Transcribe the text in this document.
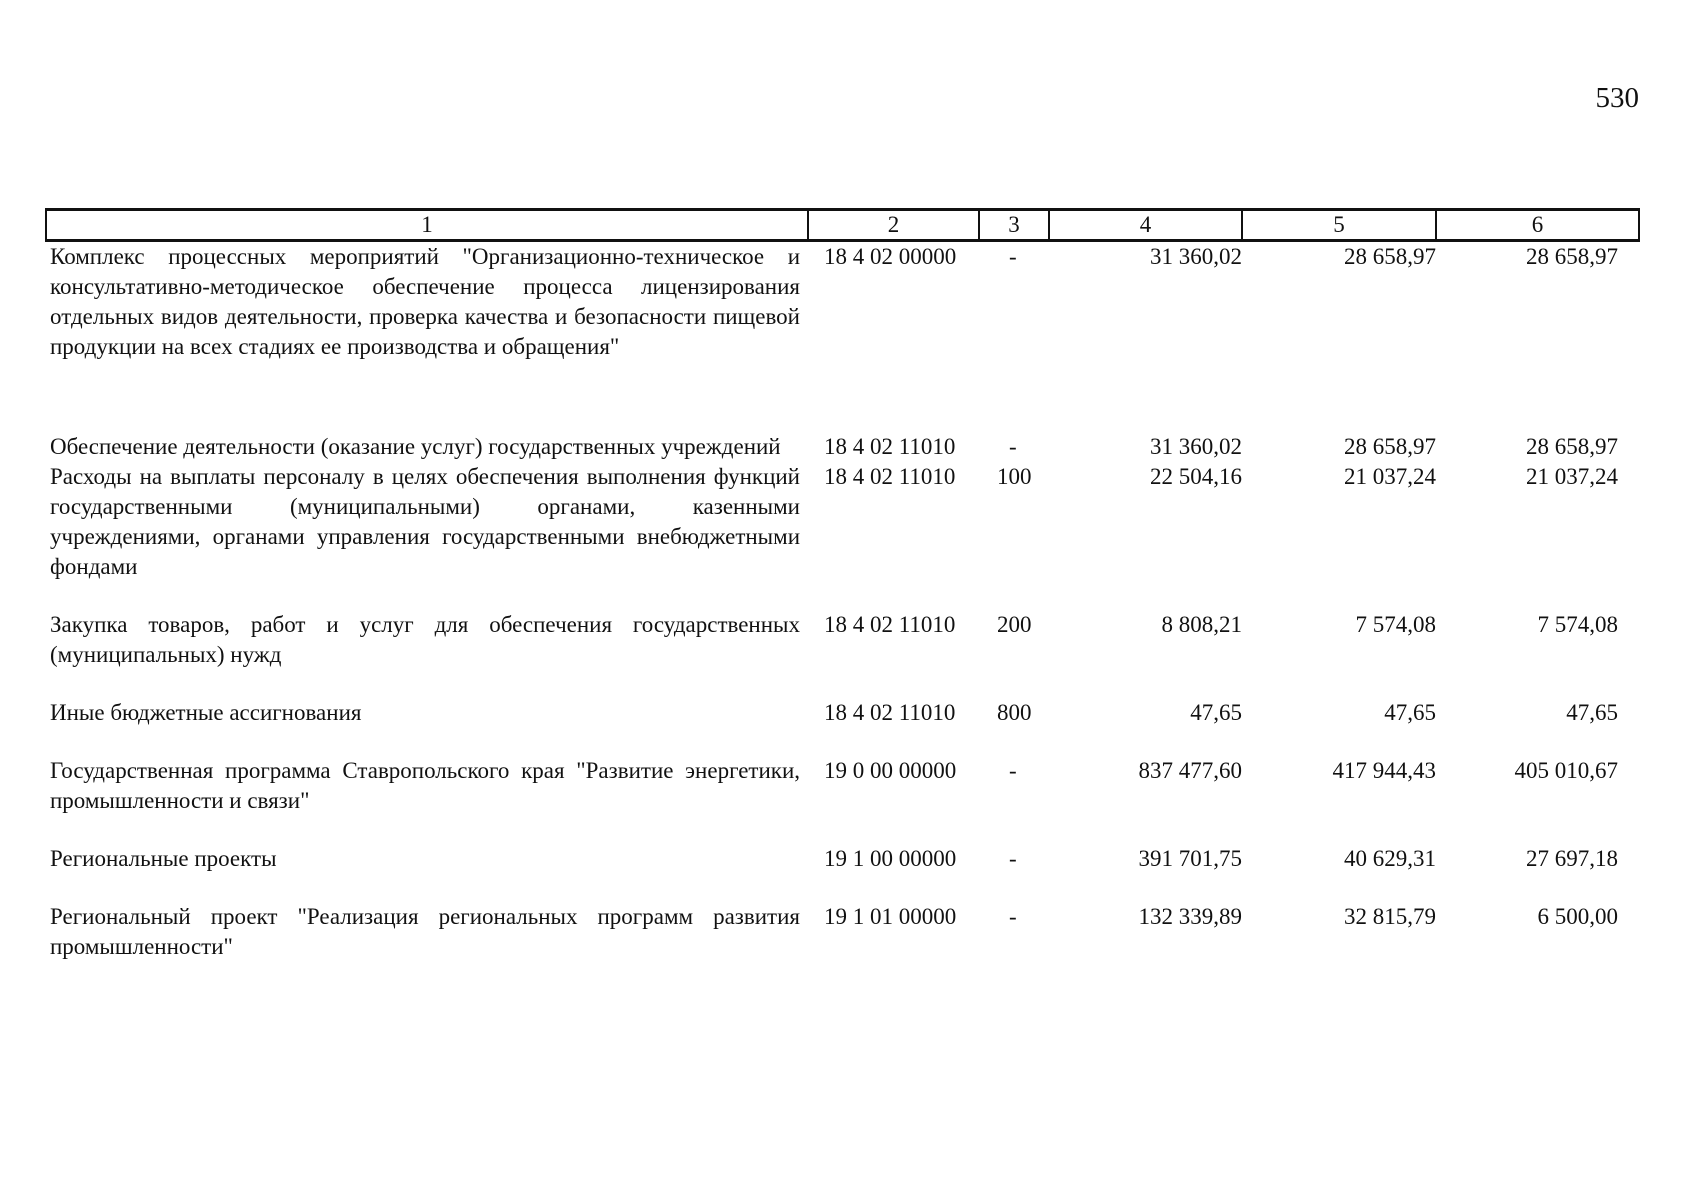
530
1	2	3	4	5	6
Комплекс процессных мероприятий "Организационно-техническое и консультативно-методическое обеспечение процесса лицензирования отдельных видов деятельности, проверка качества и безопасности пищевой продукции на всех стадиях ее производства и обращения"	18 4 02 00000	-	31 360,02	28 658,97	28 658,97
Обеспечение деятельности (оказание услуг) государственных учреждений	18 4 02 11010	-	31 360,02	28 658,97	28 658,97
Расходы на выплаты персоналу в целях обеспечения выполнения функций государственными (муниципальными) органами, казенными учреждениями, органами управления государственными внебюджетными фондами	18 4 02 11010	100	22 504,16	21 037,24	21 037,24
Закупка товаров, работ и услуг для обеспечения государственных (муниципальных) нужд	18 4 02 11010	200	8 808,21	7 574,08	7 574,08
Иные бюджетные ассигнования	18 4 02 11010	800	47,65	47,65	47,65
Государственная программа Ставропольского края "Развитие энергетики, промышленности и связи"	19 0 00 00000	-	837 477,60	417 944,43	405 010,67
Региональные проекты	19 1 00 00000	-	391 701,75	40 629,31	27 697,18
Региональный проект "Реализация региональных программ развития промышленности"	19 1 01 00000	-	132 339,89	32 815,79	6 500,00
